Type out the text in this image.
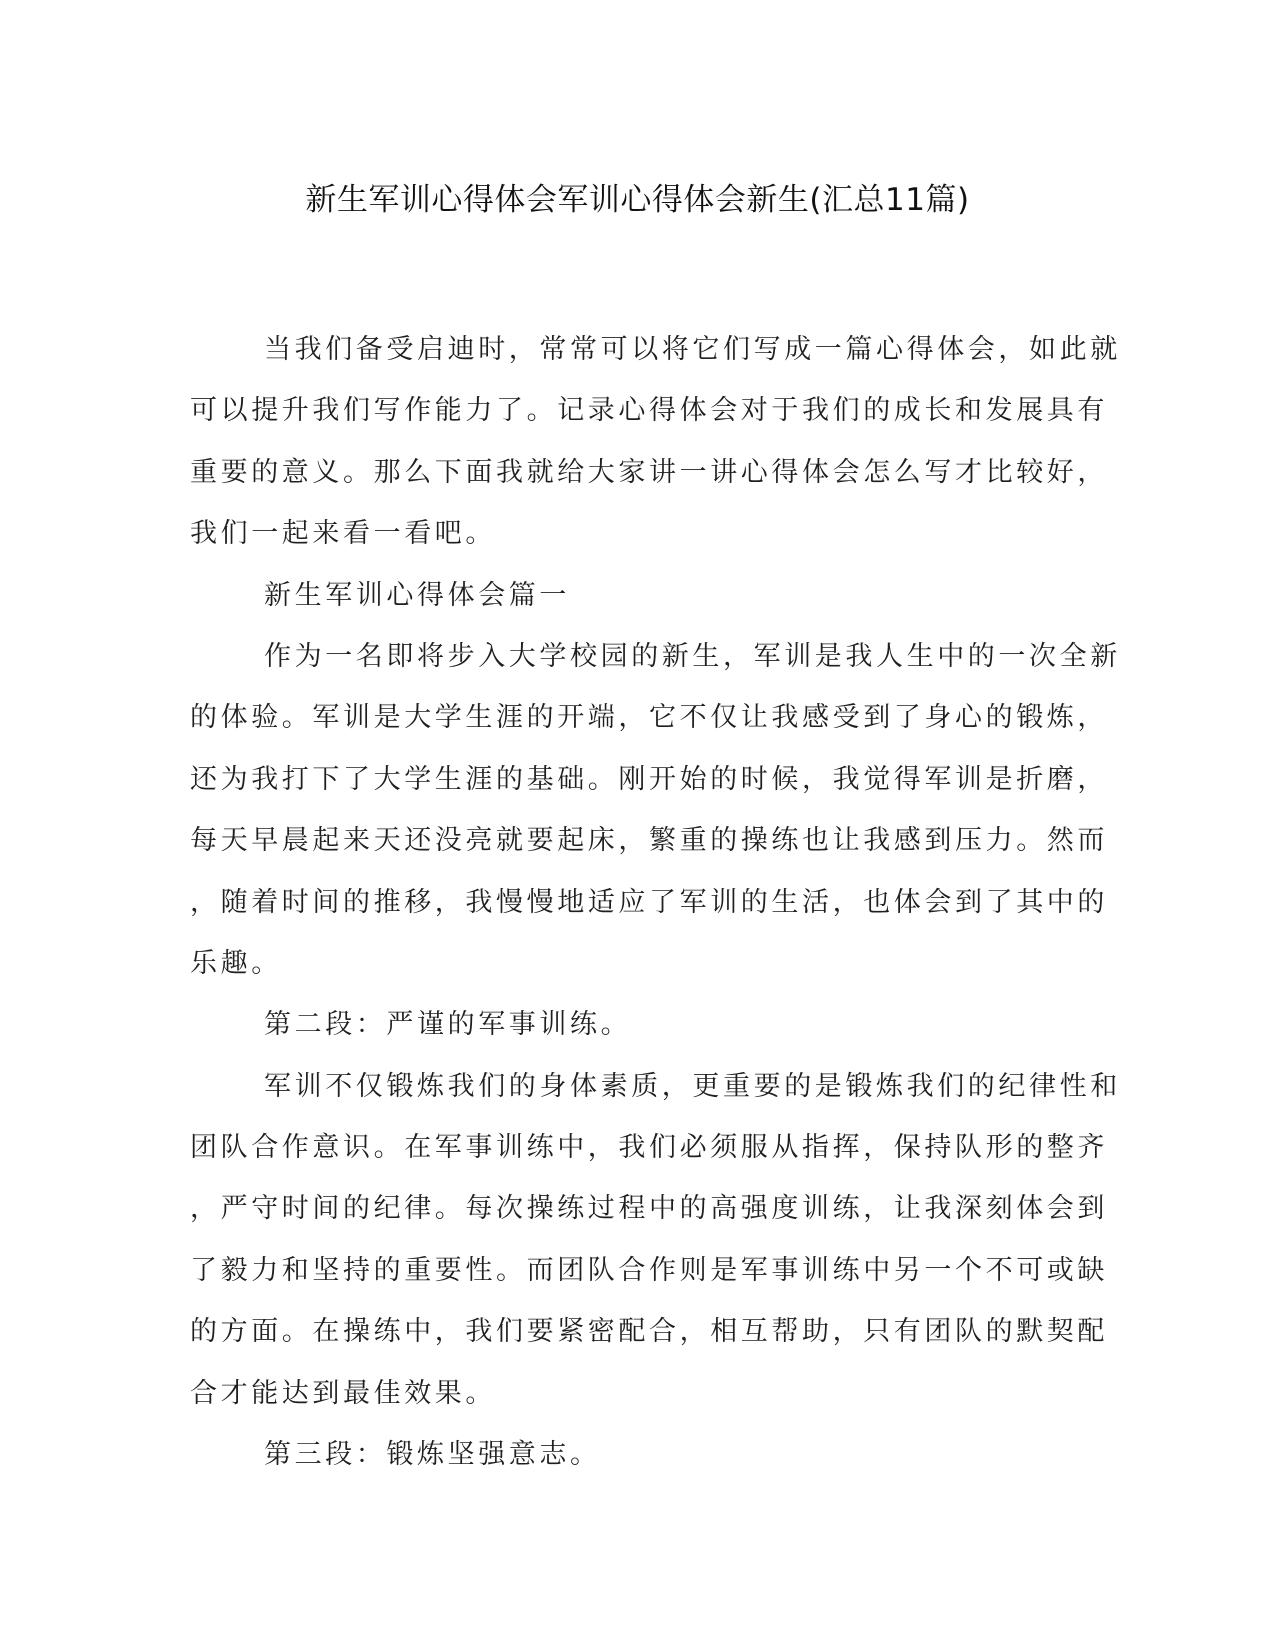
新生军训心得体会军训心得体会新生(汇总11篇)
当我们备受启迪时，常常可以将它们写成一篇心得体会，如此就
可以提升我们写作能力了。记录心得体会对于我们的成长和发展具有
重要的意义。那么下面我就给大家讲一讲心得体会怎么写才比较好，
我们一起来看一看吧。
新生军训心得体会篇一
作为一名即将步入大学校园的新生，军训是我人生中的一次全新
的体验。军训是大学生涯的开端，它不仅让我感受到了身心的锻炼，
还为我打下了大学生涯的基础。刚开始的时候，我觉得军训是折磨，
每天早晨起来天还没亮就要起床，繁重的操练也让我感到压力。然而
，随着时间的推移，我慢慢地适应了军训的生活，也体会到了其中的
乐趣。
第二段：严谨的军事训练。
军训不仅锻炼我们的身体素质，更重要的是锻炼我们的纪律性和
团队合作意识。在军事训练中，我们必须服从指挥，保持队形的整齐
，严守时间的纪律。每次操练过程中的高强度训练，让我深刻体会到
了毅力和坚持的重要性。而团队合作则是军事训练中另一个不可或缺
的方面。在操练中，我们要紧密配合，相互帮助，只有团队的默契配
合才能达到最佳效果。
第三段：锻炼坚强意志。
